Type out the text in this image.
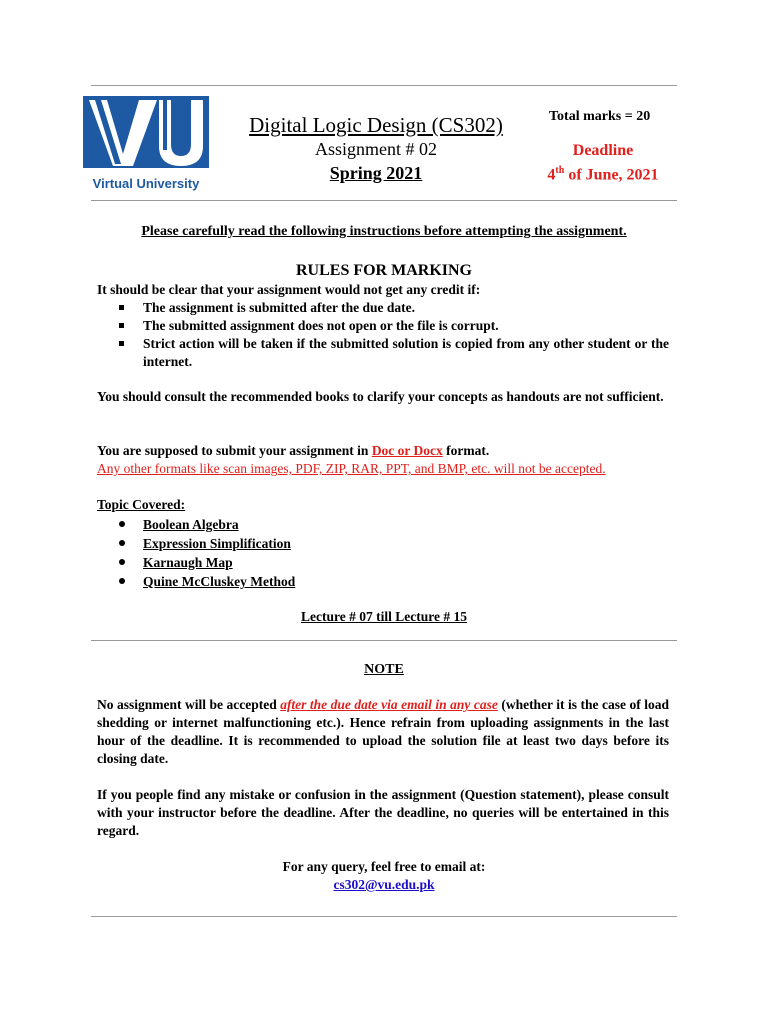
Virtual University
Digital Logic Design (CS302)
Assignment # 02
Spring 2021
Total marks = 20
Deadline
4th of June, 2021
Please carefully read the following instructions before attempting the assignment.
RULES FOR MARKING
It should be clear that your assignment would not get any credit if:
The assignment is submitted after the due date.
The submitted assignment does not open or the file is corrupt.
Strict action will be taken if the submitted solution is copied from any other student or the internet.
You should consult the recommended books to clarify your concepts as handouts are not sufficient.
You are supposed to submit your assignment in Doc or Docx format.
Any other formats like scan images, PDF, ZIP, RAR, PPT, and BMP, etc. will not be accepted.
Topic Covered:
Boolean Algebra
Expression Simplification
Karnaugh Map
Quine McCluskey Method
Lecture # 07 till Lecture # 15
NOTE
No assignment will be accepted after the due date via email in any case (whether it is the case of load shedding or internet malfunctioning etc.). Hence refrain from uploading assignments in the last hour of the deadline. It is recommended to upload the solution file at least two days before its closing date.
If you people find any mistake or confusion in the assignment (Question statement), please consult with your instructor before the deadline. After the deadline, no queries will be entertained in this regard.
For any query, feel free to email at:
cs302@vu.edu.pk
